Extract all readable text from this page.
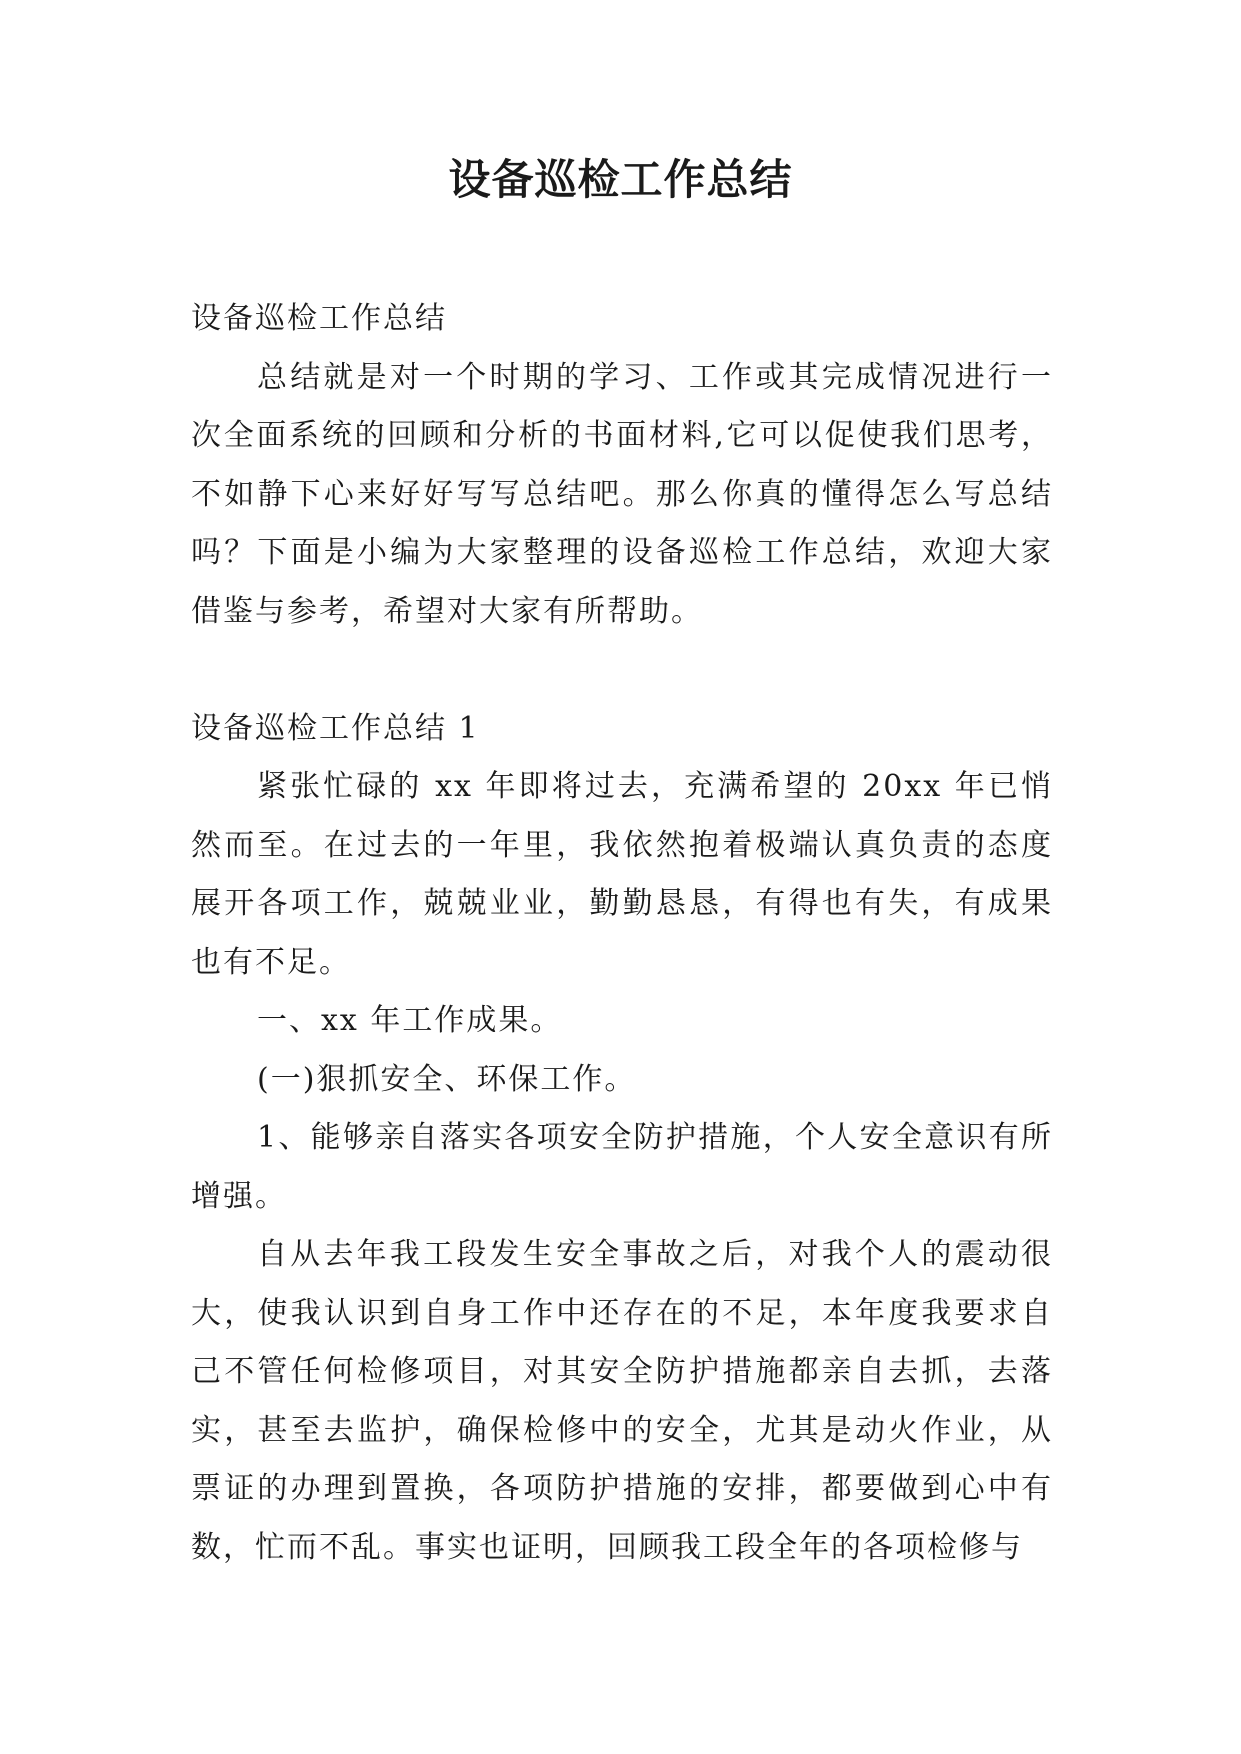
设备巡检工作总结

设备巡检工作总结

总结就是对一个时期的学习、工作或其完成情况进行一次全面系统的回顾和分析的书面材料,它可以促使我们思考，不如静下心来好好写写总结吧。那么你真的懂得怎么写总结吗？下面是小编为大家整理的设备巡检工作总结，欢迎大家借鉴与参考，希望对大家有所帮助。

设备巡检工作总结 1

紧张忙碌的 xx 年即将过去，充满希望的 20xx 年已悄然而至。在过去的一年里，我依然抱着极端认真负责的态度展开各项工作，兢兢业业，勤勤恳恳，有得也有失，有成果也有不足。

一、xx 年工作成果。

(一)狠抓安全、环保工作。

1、能够亲自落实各项安全防护措施，个人安全意识有所增强。

自从去年我工段发生安全事故之后，对我个人的震动很大，使我认识到自身工作中还存在的不足，本年度我要求自己不管任何检修项目，对其安全防护措施都亲自去抓，去落实，甚至去监护，确保检修中的安全，尤其是动火作业，从票证的办理到置换，各项防护措施的安排，都要做到心中有数，忙而不乱。事实也证明，回顾我工段全年的各项检修与
